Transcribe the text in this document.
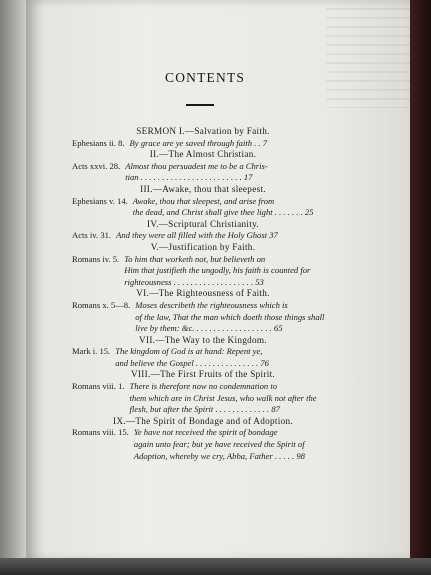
CONTENTS
SERMON I.—Salvation by Faith.
Ephesians ii. 8. By grace are ye saved through faith . . 7
II.—The Almost Christian.
Acts xxvi. 28. Almost thou persuadest me to be a Chris-
tian . . . . . . . . . . . . . . . . . . . . . . . . 17
III.—Awake, thou that sleepest.
Ephesians v. 14. Awake, thou that sleepest, and arise from
the dead, and Christ shall give thee light . . . . . . . 25
IV.—Scriptural Christianity.
Acts iv. 31. And they were all filled with the Holy Ghost 37
V.—Justification by Faith.
Romans iv. 5. To him that worketh not, but believeth on
Him that justifieth the ungodly, his faith is counted for
righteousness . . . . . . . . . . . . . . . . . . . 53
VI.—The Righteousness of Faith.
Romans x. 5—8. Moses describeth the righteousness which is
of the law, That the man which doeth those things shall
live by them: &c. . . . . . . . . . . . . . . . . . . 65
VII.—The Way to the Kingdom.
Mark i. 15. The kingdom of God is at hand: Repent ye,
and believe the Gospel . . . . . . . . . . . . . . . 76
VIII.—The First Fruits of the Spirit.
Romans viii. 1. There is therefore now no condemnation to
them which are in Christ Jesus, who walk not after the
flesh, but after the Spirit . . . . . . . . . . . . . 87
IX.—The Spirit of Bondage and of Adoption.
Romans viii. 15. Ye have not received the spirit of bondage
again unto fear; but ye have received the Spirit of
Adoption, whereby we cry, Abba, Father . . . . . 98
